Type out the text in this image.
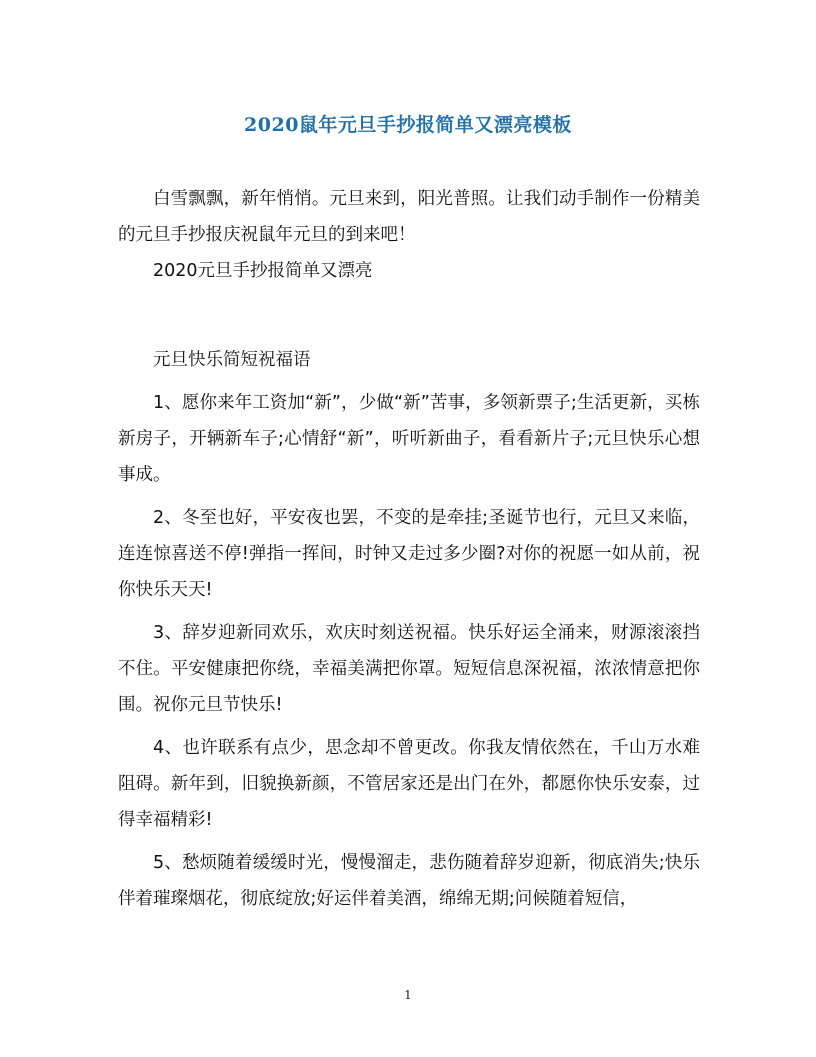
2020鼠年元旦手抄报简单又漂亮模板

白雪飘飘，新年悄悄。元旦来到，阳光普照。让我们动手制作一份精美的元旦手抄报庆祝鼠年元旦的到来吧！

2020元旦手抄报简单又漂亮

元旦快乐简短祝福语

1、愿你来年工资加“新”，少做“新”苦事，多领新票子;生活更新，买栋新房子，开辆新车子;心情舒“新”，听听新曲子，看看新片子;元旦快乐心想事成。

2、冬至也好，平安夜也罢，不变的是牵挂;圣诞节也行，元旦又来临，连连惊喜送不停!弹指一挥间，时钟又走过多少圈?对你的祝愿一如从前，祝你快乐天天!

3、辞岁迎新同欢乐，欢庆时刻送祝福。快乐好运全涌来，财源滚滚挡不住。平安健康把你绕，幸福美满把你罩。短短信息深祝福，浓浓情意把你围。祝你元旦节快乐!

4、也许联系有点少，思念却不曾更改。你我友情依然在，千山万水难阻碍。新年到，旧貌换新颜，不管居家还是出门在外，都愿你快乐安泰，过得幸福精彩!

5、愁烦随着缓缓时光，慢慢溜走，悲伤随着辞岁迎新，彻底消失;快乐伴着璀璨烟花，彻底绽放;好运伴着美酒，绵绵无期;问候随着短信，

1
